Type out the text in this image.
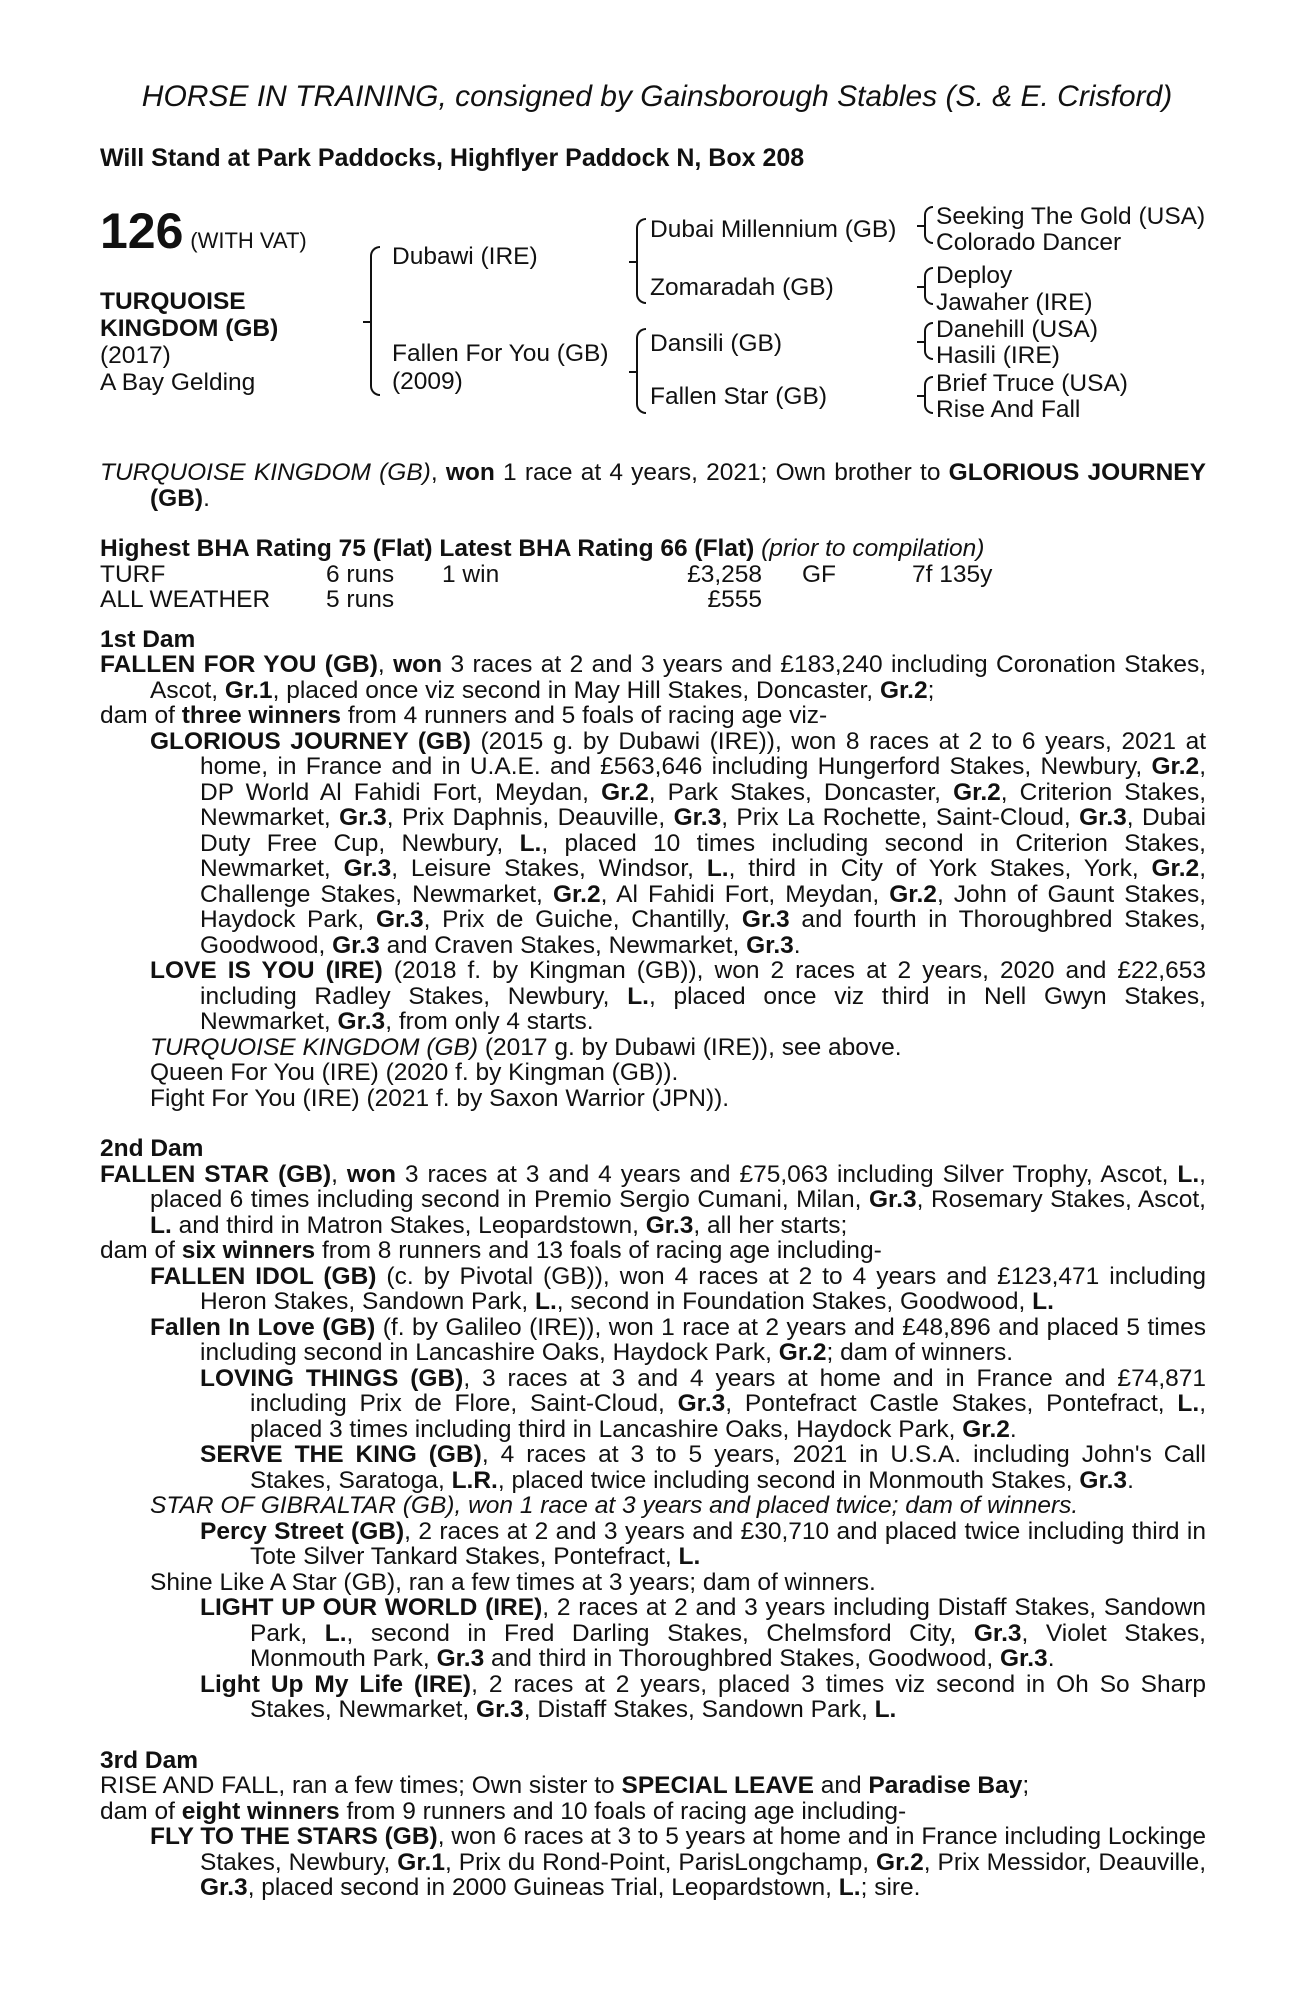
HORSE IN TRAINING, consigned by Gainsborough Stables (S. & E. Crisford)
Will Stand at Park Paddocks, Highflyer Paddock N, Box 208
126 (WITH VAT)
TURQUOISE
KINGDOM (GB)
(2017)
A Bay Gelding
Dubawi (IRE)
Fallen For You (GB)
(2009)
Dubai Millennium (GB)
Zomaradah (GB)
Dansili (GB)
Fallen Star (GB)
Seeking The Gold (USA)
Colorado Dancer
Deploy
Jawaher (IRE)
Danehill (USA)
Hasili (IRE)
Brief Truce (USA)
Rise And Fall

TURQUOISE KINGDOM (GB), won 1 race at 4 years, 2021; Own brother to GLORIOUS JOURNEY (GB).

Highest BHA Rating 75 (Flat) Latest BHA Rating 66 (Flat) (prior to compilation)
TURF	6 runs	1 win	£3,258		GF	7f 135y
ALL WEATHER	5 runs		£555			
1st Dam

FALLEN FOR YOU (GB), won 3 races at 2 and 3 years and £183,240 including Coronation Stakes, Ascot, Gr.1, placed once viz second in May Hill Stakes, Doncaster, Gr.2;

dam of three winners from 4 runners and 5 foals of racing age viz-

GLORIOUS JOURNEY (GB) (2015 g. by Dubawi (IRE)), won 8 races at 2 to 6 years, 2021 at home, in France and in U.A.E. and £563,646 including Hungerford Stakes, Newbury, Gr.2, DP World Al Fahidi Fort, Meydan, Gr.2, Park Stakes, Doncaster, Gr.2, Criterion Stakes, Newmarket, Gr.3, Prix Daphnis, Deauville, Gr.3, Prix La Rochette, Saint-Cloud, Gr.3, Dubai Duty Free Cup, Newbury, L., placed 10 times including second in Criterion Stakes, Newmarket, Gr.3, Leisure Stakes, Windsor, L., third in City of York Stakes, York, Gr.2, Challenge Stakes, Newmarket, Gr.2, Al Fahidi Fort, Meydan, Gr.2, John of Gaunt Stakes, Haydock Park, Gr.3, Prix de Guiche, Chantilly, Gr.3 and fourth in Thoroughbred Stakes, Goodwood, Gr.3 and Craven Stakes, Newmarket, Gr.3.

LOVE IS YOU (IRE) (2018 f. by Kingman (GB)), won 2 races at 2 years, 2020 and £22,653 including Radley Stakes, Newbury, L., placed once viz third in Nell Gwyn Stakes, Newmarket, Gr.3, from only 4 starts.

TURQUOISE KINGDOM (GB) (2017 g. by Dubawi (IRE)), see above.

Queen For You (IRE) (2020 f. by Kingman (GB)).

Fight For You (IRE) (2021 f. by Saxon Warrior (JPN)).

2nd Dam

FALLEN STAR (GB), won 3 races at 3 and 4 years and £75,063 including Silver Trophy, Ascot, L., placed 6 times including second in Premio Sergio Cumani, Milan, Gr.3, Rosemary Stakes, Ascot, L. and third in Matron Stakes, Leopardstown, Gr.3, all her starts;

dam of six winners from 8 runners and 13 foals of racing age including-

FALLEN IDOL (GB) (c. by Pivotal (GB)), won 4 races at 2 to 4 years and £123,471 including Heron Stakes, Sandown Park, L., second in Foundation Stakes, Goodwood, L.

Fallen In Love (GB) (f. by Galileo (IRE)), won 1 race at 2 years and £48,896 and placed 5 times including second in Lancashire Oaks, Haydock Park, Gr.2; dam of winners.

LOVING THINGS (GB), 3 races at 3 and 4 years at home and in France and £74,871 including Prix de Flore, Saint-Cloud, Gr.3, Pontefract Castle Stakes, Pontefract, L., placed 3 times including third in Lancashire Oaks, Haydock Park, Gr.2.

SERVE THE KING (GB), 4 races at 3 to 5 years, 2021 in U.S.A. including John's Call Stakes, Saratoga, L.R., placed twice including second in Monmouth Stakes, Gr.3.

STAR OF GIBRALTAR (GB), won 1 race at 3 years and placed twice; dam of winners.

Percy Street (GB), 2 races at 2 and 3 years and £30,710 and placed twice including third in Tote Silver Tankard Stakes, Pontefract, L.

Shine Like A Star (GB), ran a few times at 3 years; dam of winners.

LIGHT UP OUR WORLD (IRE), 2 races at 2 and 3 years including Distaff Stakes, Sandown Park, L., second in Fred Darling Stakes, Chelmsford City, Gr.3, Violet Stakes, Monmouth Park, Gr.3 and third in Thoroughbred Stakes, Goodwood, Gr.3.

Light Up My Life (IRE), 2 races at 2 years, placed 3 times viz second in Oh So Sharp Stakes, Newmarket, Gr.3, Distaff Stakes, Sandown Park, L.

3rd Dam

RISE AND FALL, ran a few times; Own sister to SPECIAL LEAVE and Paradise Bay;

dam of eight winners from 9 runners and 10 foals of racing age including-

FLY TO THE STARS (GB), won 6 races at 3 to 5 years at home and in France including Lockinge Stakes, Newbury, Gr.1, Prix du Rond-Point, ParisLongchamp, Gr.2, Prix Messidor, Deauville, Gr.3, placed second in 2000 Guineas Trial, Leopardstown, L.; sire.
